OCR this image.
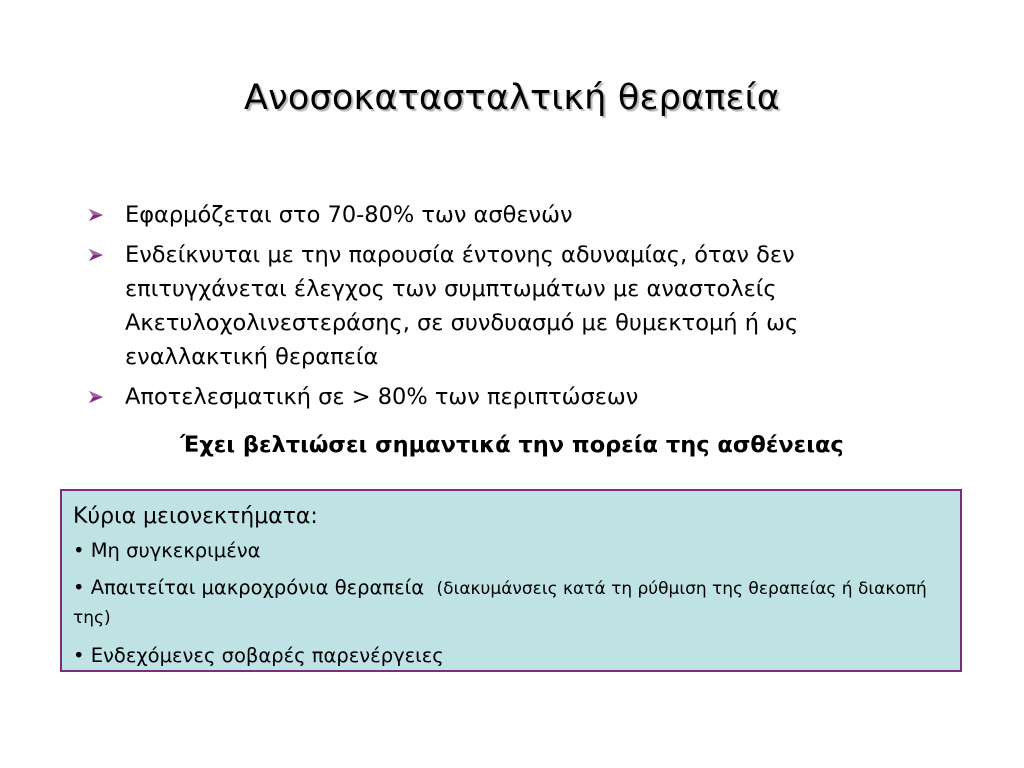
Ανοσοκατασταλτική θεραπεία
Εφαρμόζεται στο 70-80% των ασθενών
Ενδείκνυται με την παρουσία έντονης αδυναμίας, όταν δεν επιτυγχάνεται έλεγχος των συμπτωμάτων με αναστολείς Ακετυλοχολινεστεράσης, σε συνδυασμό με θυμεκτομή ή ως εναλλακτική θεραπεία
Αποτελεσματική σε > 80% των περιπτώσεων
Έχει βελτιώσει σημαντικά την πορεία της ασθένειας
Κύρια μειονεκτήματα:
• Μη συγκεκριμένα
• Απαιτείται μακροχρόνια θεραπεία (διακυμάνσεις κατά τη ρύθμιση της θεραπείας ή διακοπή της)
• Ενδεχόμενες σοβαρές παρενέργειες
